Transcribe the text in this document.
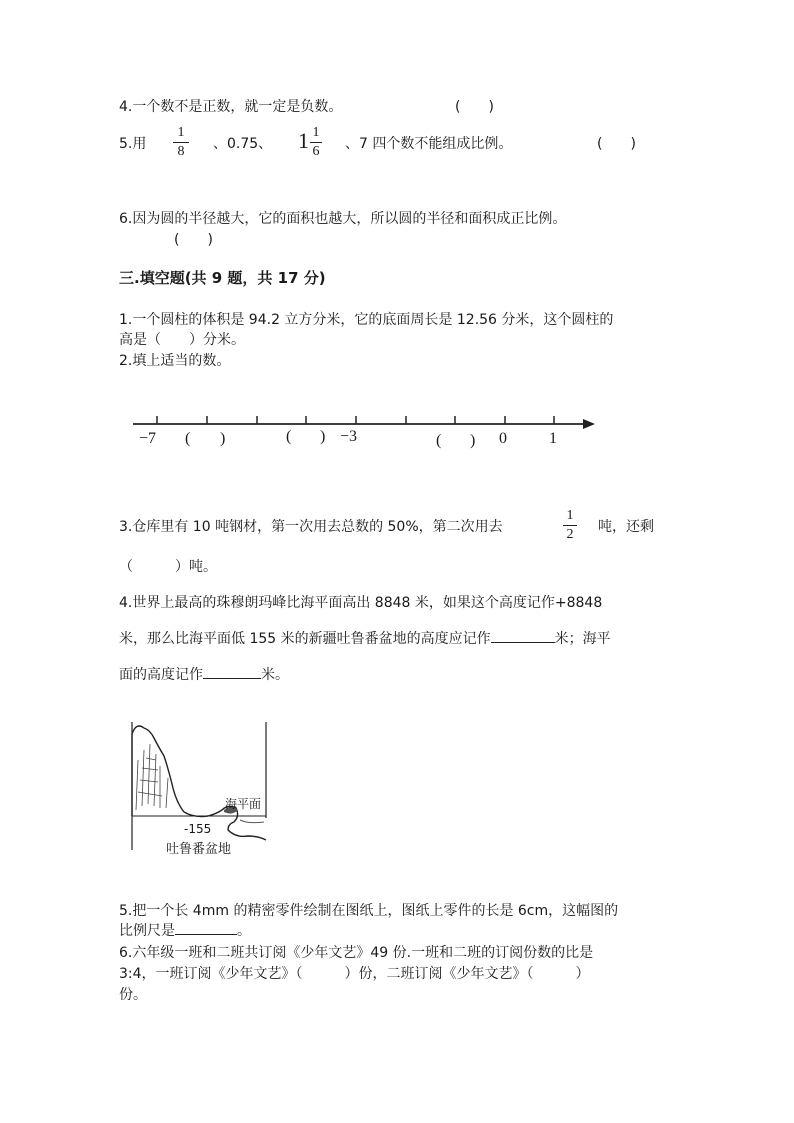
4.一个数不是正数，就一定是负数。	(　　)
5.用
1
8	、0.75、 1 1
6 、7 四个数不能组成比例。	(　　)
6.因为圆的半径越大，它的面积也越大，所以圆的半径和面积成正比例。
(　　)
三.填空题(共 9 题，共 17 分)
1.一个圆柱的体积是 94.2 立方分米，它的底面周长是 12.56 分米，这个圆柱的
高是（　　）分米。
2.填上适当的数。
−7 ( )	( ) −3	( ) 0	1
3.仓库里有 10 吨钢材，第一次用去总数的 50%，第二次用去
1
2 吨，还剩
（　　　）吨。
4.世界上最高的珠穆朗玛峰比海平面高出 8848 米，如果这个高度记作+8848
米，那么比海平面低 155 米的新疆吐鲁番盆地的高度应记作	米；海平
面的高度记作	米。
海平面
-155
吐鲁番盆地
5.把一个长 4mm 的精密零件绘制在图纸上，图纸上零件的长是 6cm，这幅图的
比例尺是	。
6.六年级一班和二班共订阅《少年文艺》49 份.一班和二班的订阅份数的比是
3:4，一班订阅《少年文艺》（　　　）份，二班订阅《少年文艺》（　　　）
份。
